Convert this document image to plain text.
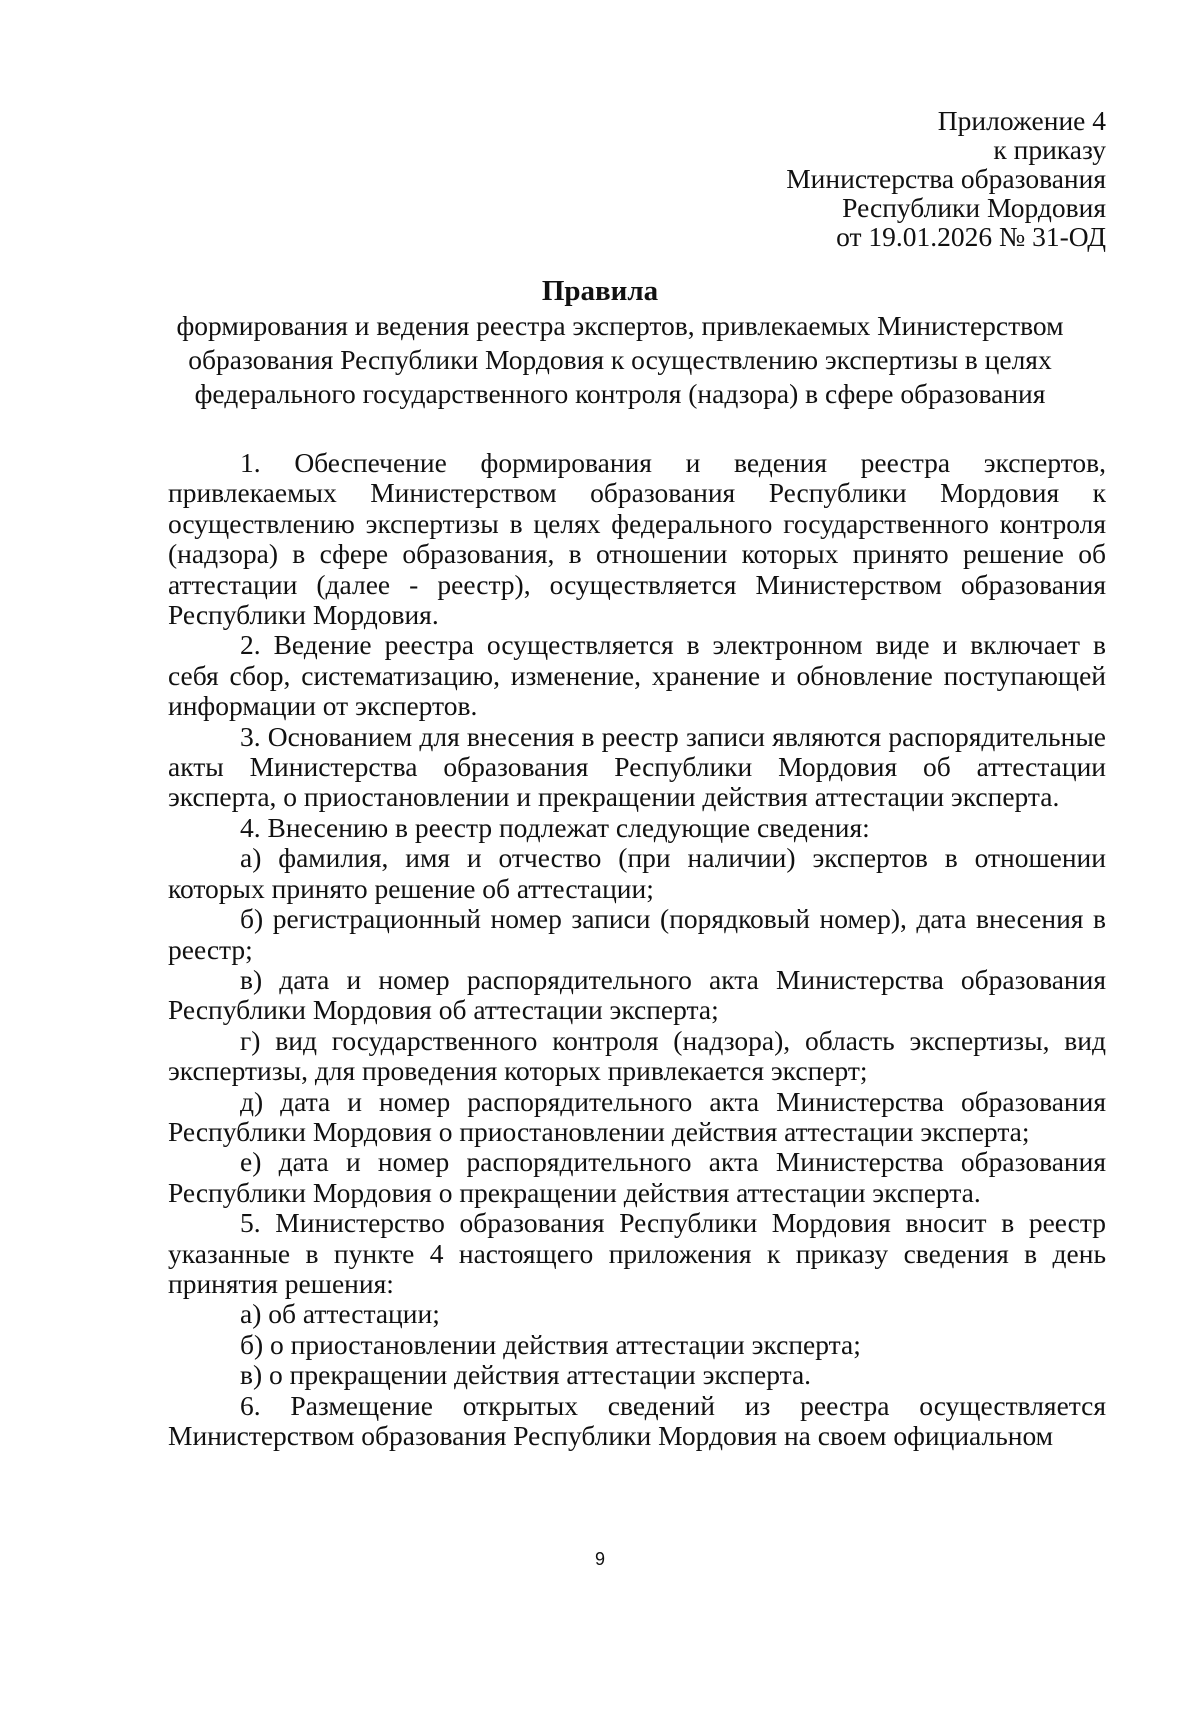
Приложение 4
к приказу
Министерства образования
Республики Мордовия
от 19.01.2026 № 31-ОД
Правила
формирования и ведения реестра экспертов, привлекаемых Министерством
образования Республики Мордовия к осуществлению экспертизы в целях
федерального государственного контроля (надзора) в сфере образования

1. Обеспечение формирования и ведения реестра экспертов, привлекаемых Министерством образования Республики Мордовия к осуществлению экспертизы в целях федерального государственного контроля (надзора) в сфере образования, в отношении которых принято решение об аттестации (далее - реестр), осуществляется Министерством образования Республики Мордовия.

2. Ведение реестра осуществляется в электронном виде и включает в себя сбор, систематизацию, изменение, хранение и обновление поступающей информации от экспертов.

3. Основанием для внесения в реестр записи являются распорядительные акты Министерства образования Республики Мордовия об аттестации эксперта, о приостановлении и прекращении действия аттестации эксперта.

4. Внесению в реестр подлежат следующие сведения:

а) фамилия, имя и отчество (при наличии) экспертов в отношении которых принято решение об аттестации;

б) регистрационный номер записи (порядковый номер), дата внесения в реестр;

в) дата и номер распорядительного акта Министерства образования Республики Мордовия об аттестации эксперта;

г) вид государственного контроля (надзора), область экспертизы, вид экспертизы, для проведения которых привлекается эксперт;

д) дата и номер распорядительного акта Министерства образования Республики Мордовия о приостановлении действия аттестации эксперта;

е) дата и номер распорядительного акта Министерства образования Республики Мордовия о прекращении действия аттестации эксперта.

5. Министерство образования Республики Мордовия вносит в реестр указанные в пункте 4 настоящего приложения к приказу сведения в день принятия решения:

а) об аттестации;

б) о приостановлении действия аттестации эксперта;

в) о прекращении действия аттестации эксперта.

6. Размещение открытых сведений из реестра осуществляется Министерством образования Республики Мордовия на своем официальном

9
